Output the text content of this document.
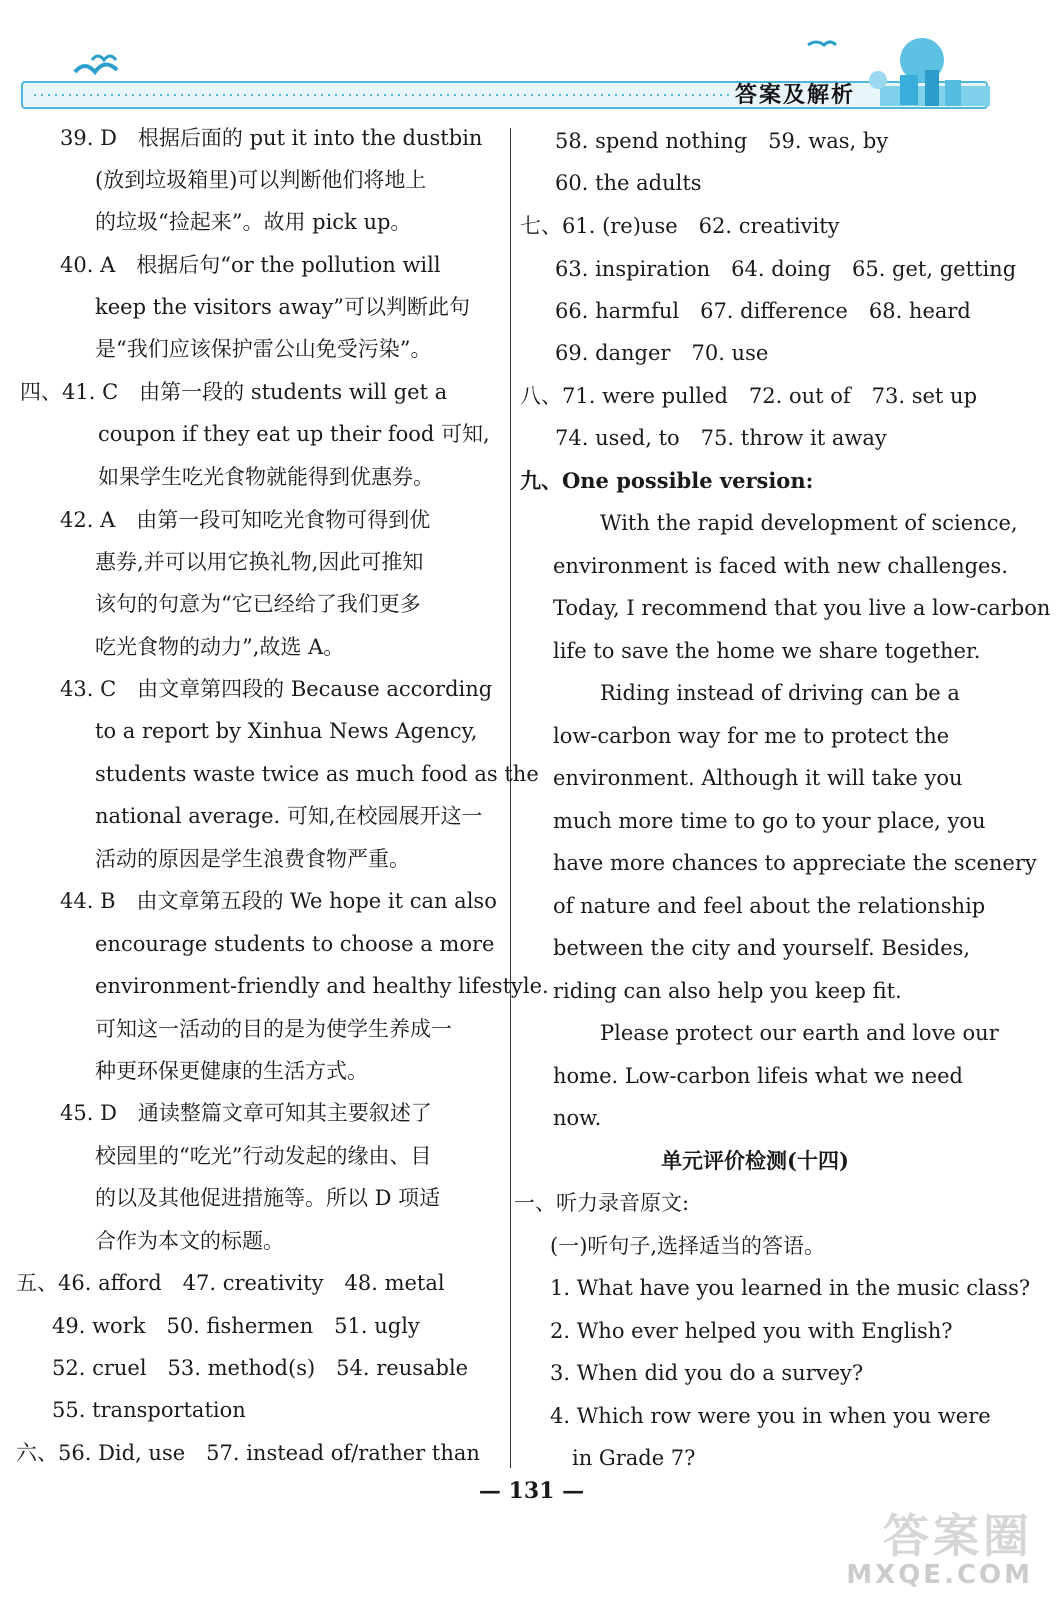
答案及解析
39. D　根据后面的 put it into the dustbin
(放到垃圾箱里)可以判断他们将地上
的垃圾“捡起来”。故用 pick up。
40. A　根据后句“or the pollution will
keep the visitors away”可以判断此句
是“我们应该保护雷公山免受污染”。
四、41. C　由第一段的 students will get a
coupon if they eat up their food 可知,
如果学生吃光食物就能得到优惠券。
42. A　由第一段可知吃光食物可得到优
惠券,并可以用它换礼物,因此可推知
该句的句意为“它已经给了我们更多
吃光食物的动力”,故选 A。
43. C　由文章第四段的 Because according
to a report by Xinhua News Agency,
students waste twice as much food as the
national average. 可知,在校园展开这一
活动的原因是学生浪费食物严重。
44. B　由文章第五段的 We hope it can also
encourage students to choose a more
environment-friendly and healthy lifestyle.
可知这一活动的目的是为使学生养成一
种更环保更健康的生活方式。
45. D　通读整篇文章可知其主要叙述了
校园里的“吃光”行动发起的缘由、目
的以及其他促进措施等。所以 D 项适
合作为本文的标题。
五、46. afford　47. creativity　48. metal
49. work　50. fishermen　51. ugly
52. cruel　53. method(s)　54. reusable
55. transportation
六、56. Did, use　57. instead of/rather than
58. spend nothing　59. was, by
60. the adults
七、61. (re)use　62. creativity
63. inspiration　64. doing　65. get, getting
66. harmful　67. difference　68. heard
69. danger　70. use
八、71. were pulled　72. out of　73. set up
74. used, to　75. throw it away
九、One possible version:
With the rapid development of science,
environment is faced with new challenges.
Today, I recommend that you live a low-carbon
life to save the home we share together.
Riding instead of driving can be a
low-carbon way for me to protect the
environment. Although it will take you
much more time to go to your place, you
have more chances to appreciate the scenery
of nature and feel about the relationship
between the city and yourself. Besides,
riding can also help you keep fit.
Please protect our earth and love our
home. Low-carbon lifeis what we need
now.
单元评价检测(十四)
一、听力录音原文:
(一)听句子,选择适当的答语。
1. What have you learned in the music class?
2. Who ever helped you with English?
3. When did you do a survey?
4. Which row were you in when you were
in Grade 7?
— 131 —
答案圈
MXQE.COM
